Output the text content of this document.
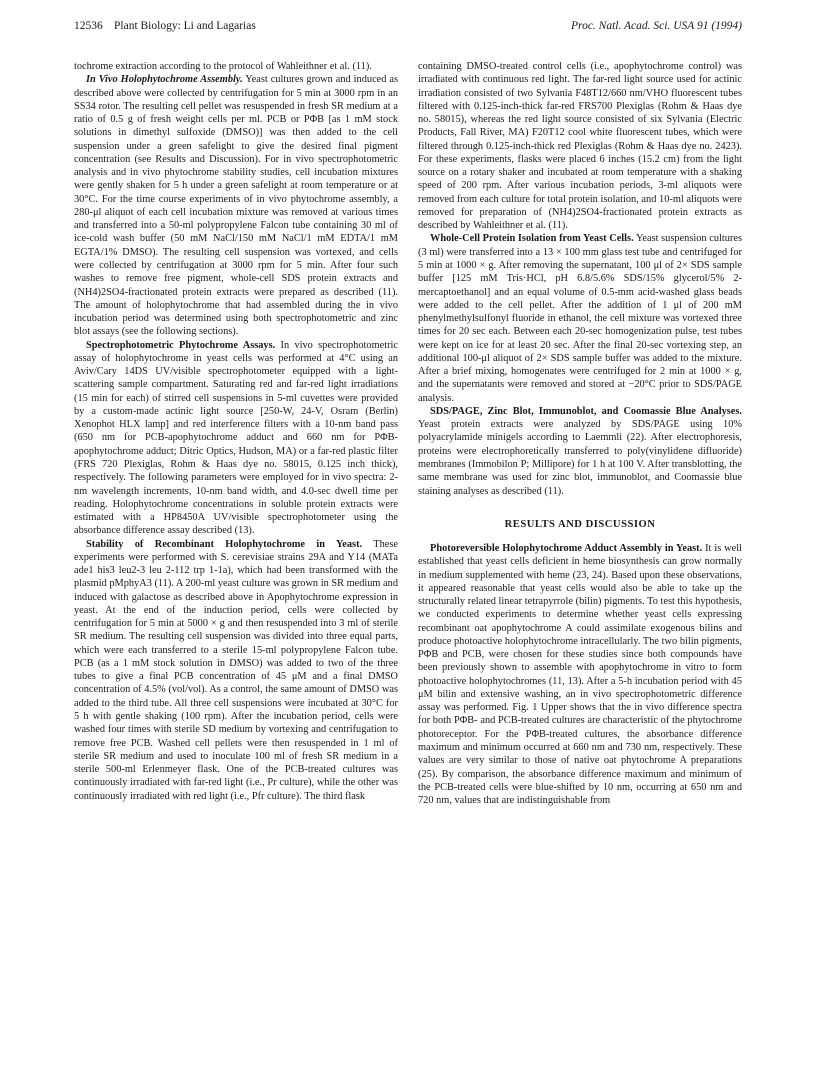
12536 Plant Biology: Li and Lagarias	Proc. Natl. Acad. Sci. USA 91 (1994)

tochrome extraction according to the protocol of Wahleithner et al. (11).

In Vivo Holophytochrome Assembly. Yeast cultures grown and induced as described above were collected by centrifugation for 5 min at 3000 rpm in an SS34 rotor. The resulting cell pellet was resuspended in fresh SR medium at a ratio of 0.5 g of fresh weight cells per ml. PCB or PΦB [as 1 mM stock solutions in dimethyl sulfoxide (DMSO)] was then added to the cell suspension under a green safelight to give the desired final pigment concentration (see Results and Discussion). For in vivo spectrophotometric analysis and in vivo phytochrome stability studies, cell incubation mixtures were gently shaken for 5 h under a green safelight at room temperature or at 30°C. For the time course experiments of in vivo phytochrome assembly, a 280-μl aliquot of each cell incubation mixture was removed at various times and transferred into a 50-ml polypropylene Falcon tube containing 30 ml of ice-cold wash buffer (50 mM NaCl/150 mM NaCl/1 mM EDTA/1 mM EGTA/1% DMSO). The resulting cell suspension was vortexed, and cells were collected by centrifugation at 3000 rpm for 5 min. After four such washes to remove free pigment, whole-cell SDS protein extracts and (NH4)2SO4-fractionated protein extracts were prepared as described (11). The amount of holophytochrome that had assembled during the in vivo incubation period was determined using both spectrophotometric and zinc blot assays (see the following sections).

Spectrophotometric Phytochrome Assays. In vivo spectrophotometric assay of holophytochrome in yeast cells was performed at 4°C using an Aviv/Cary 14DS UV/visible spectrophotometer equipped with a light-scattering sample compartment. Saturating red and far-red light irradiations (15 min for each) of stirred cell suspensions in 5-ml cuvettes were provided by a custom-made actinic light source [250-W, 24-V, Osram (Berlin) Xenophot HLX lamp] and red interference filters with a 10-nm band pass (650 nm for PCB-apophytochrome adduct and 660 nm for PΦB-apophytochrome adduct; Ditric Optics, Hudson, MA) or a far-red plastic filter (FRS 720 Plexiglas, Rohm & Haas dye no. 58015, 0.125 inch thick), respectively. The following parameters were employed for in vivo spectra: 2-nm wavelength increments, 10-nm band width, and 4.0-sec dwell time per reading. Holophytochrome concentrations in soluble protein extracts were estimated with a HP8450A UV/visible spectrophotometer using the absorbance difference assay described (13).

Stability of Recombinant Holophytochrome in Yeast. These experiments were performed with S. cerevisiae strains 29A and Y14 (MATa ade1 his3 leu2-3 leu 2-112 trp 1-1a), which had been transformed with the plasmid pMphyA3 (11). A 200-ml yeast culture was grown in SR medium and induced with galactose as described above in Apophytochrome expression in yeast. At the end of the induction period, cells were collected by centrifugation for 5 min at 5000 × g and then resuspended into 3 ml of sterile SR medium. The resulting cell suspension was divided into three equal parts, which were each transferred to a sterile 15-ml polypropylene Falcon tube. PCB (as a 1 mM stock solution in DMSO) was added to two of the three tubes to give a final PCB concentration of 45 μM and a final DMSO concentration of 4.5% (vol/vol). As a control, the same amount of DMSO was added to the third tube. All three cell suspensions were incubated at 30°C for 5 h with gentle shaking (100 rpm). After the incubation period, cells were washed four times with sterile SD medium by vortexing and centrifugation to remove free PCB. Washed cell pellets were then resuspended in 1 ml of sterile SR medium and used to inoculate 100 ml of fresh SR medium in a sterile 500-ml Erlenmeyer flask. One of the PCB-treated cultures was continuously irradiated with far-red light (i.e., Pr culture), while the other was continuously irradiated with red light (i.e., Pfr culture). The third flask

containing DMSO-treated control cells (i.e., apophytochrome control) was irradiated with continuous red light. The far-red light source used for actinic irradiation consisted of two Sylvania F48T12/660 nm/VHO fluorescent tubes filtered with 0.125-inch-thick far-red FRS700 Plexiglas (Rohm & Haas dye no. 58015), whereas the red light source consisted of six Sylvania (Electric Products, Fall River, MA) F20T12 cool white fluorescent tubes, which were filtered through 0.125-inch-thick red Plexiglas (Rohm & Haas dye no. 2423). For these experiments, flasks were placed 6 inches (15.2 cm) from the light source on a rotary shaker and incubated at room temperature with a shaking speed of 200 rpm. After various incubation periods, 3-ml aliquots were removed from each culture for total protein isolation, and 10-ml aliquots were removed for preparation of (NH4)2SO4-fractionated protein extracts as described by Wahleithner et al. (11).

Whole-Cell Protein Isolation from Yeast Cells. Yeast suspension cultures (3 ml) were transferred into a 13 × 100 mm glass test tube and centrifuged for 5 min at 1000 × g. After removing the supernatant, 100 μl of 2× SDS sample buffer [125 mM Tris·HCl, pH 6.8/5.6% SDS/15% glycerol/5% 2-mercaptoethanol] and an equal volume of 0.5-mm acid-washed glass beads were added to the cell pellet. After the addition of 1 μl of 200 mM phenylmethylsulfonyl fluoride in ethanol, the cell mixture was vortexed three times for 20 sec each. Between each 20-sec homogenization pulse, test tubes were kept on ice for at least 20 sec. After the final 20-sec vortexing step, an additional 100-μl aliquot of 2× SDS sample buffer was added to the mixture. After a brief mixing, homogenates were centrifuged for 2 min at 1000 × g, and the supernatants were removed and stored at −20°C prior to SDS/PAGE analysis.

SDS/PAGE, Zinc Blot, Immunoblot, and Coomassie Blue Analyses. Yeast protein extracts were analyzed by SDS/PAGE using 10% polyacrylamide minigels according to Laemmli (22). After electrophoresis, proteins were electrophoretically transferred to poly(vinylidene difluoride) membranes (Immobilon P; Millipore) for 1 h at 100 V. After transblotting, the same membrane was used for zinc blot, immunoblot, and Coomassie blue staining analyses as described (11).

RESULTS AND DISCUSSION

Photoreversible Holophytochrome Adduct Assembly in Yeast. It is well established that yeast cells deficient in heme biosynthesis can grow normally in medium supplemented with heme (23, 24). Based upon these observations, it appeared reasonable that yeast cells would also be able to take up the structurally related linear tetrapyrrole (bilin) pigments. To test this hypothesis, we conducted experiments to determine whether yeast cells expressing recombinant oat apophytochrome A could assimilate exogenous bilins and produce photoactive holophytochrome intracellularly. The two bilin pigments, PΦB and PCB, were chosen for these studies since both compounds have been previously shown to assemble with apophytochrome in vitro to form photoactive holophytochromes (11, 13). After a 5-h incubation period with 45 μM bilin and extensive washing, an in vivo spectrophotometric difference assay was performed. Fig. 1 Upper shows that the in vivo difference spectra for both PΦB- and PCB-treated cultures are characteristic of the phytochrome photoreceptor. For the PΦB-treated cultures, the absorbance difference maximum and minimum occurred at 660 nm and 730 nm, respectively. These values are very similar to those of native oat phytochrome A preparations (25). By comparison, the absorbance difference maximum and minimum of the PCB-treated cells were blue-shifted by 10 nm, occurring at 650 nm and 720 nm, values that are indistinguishable from
